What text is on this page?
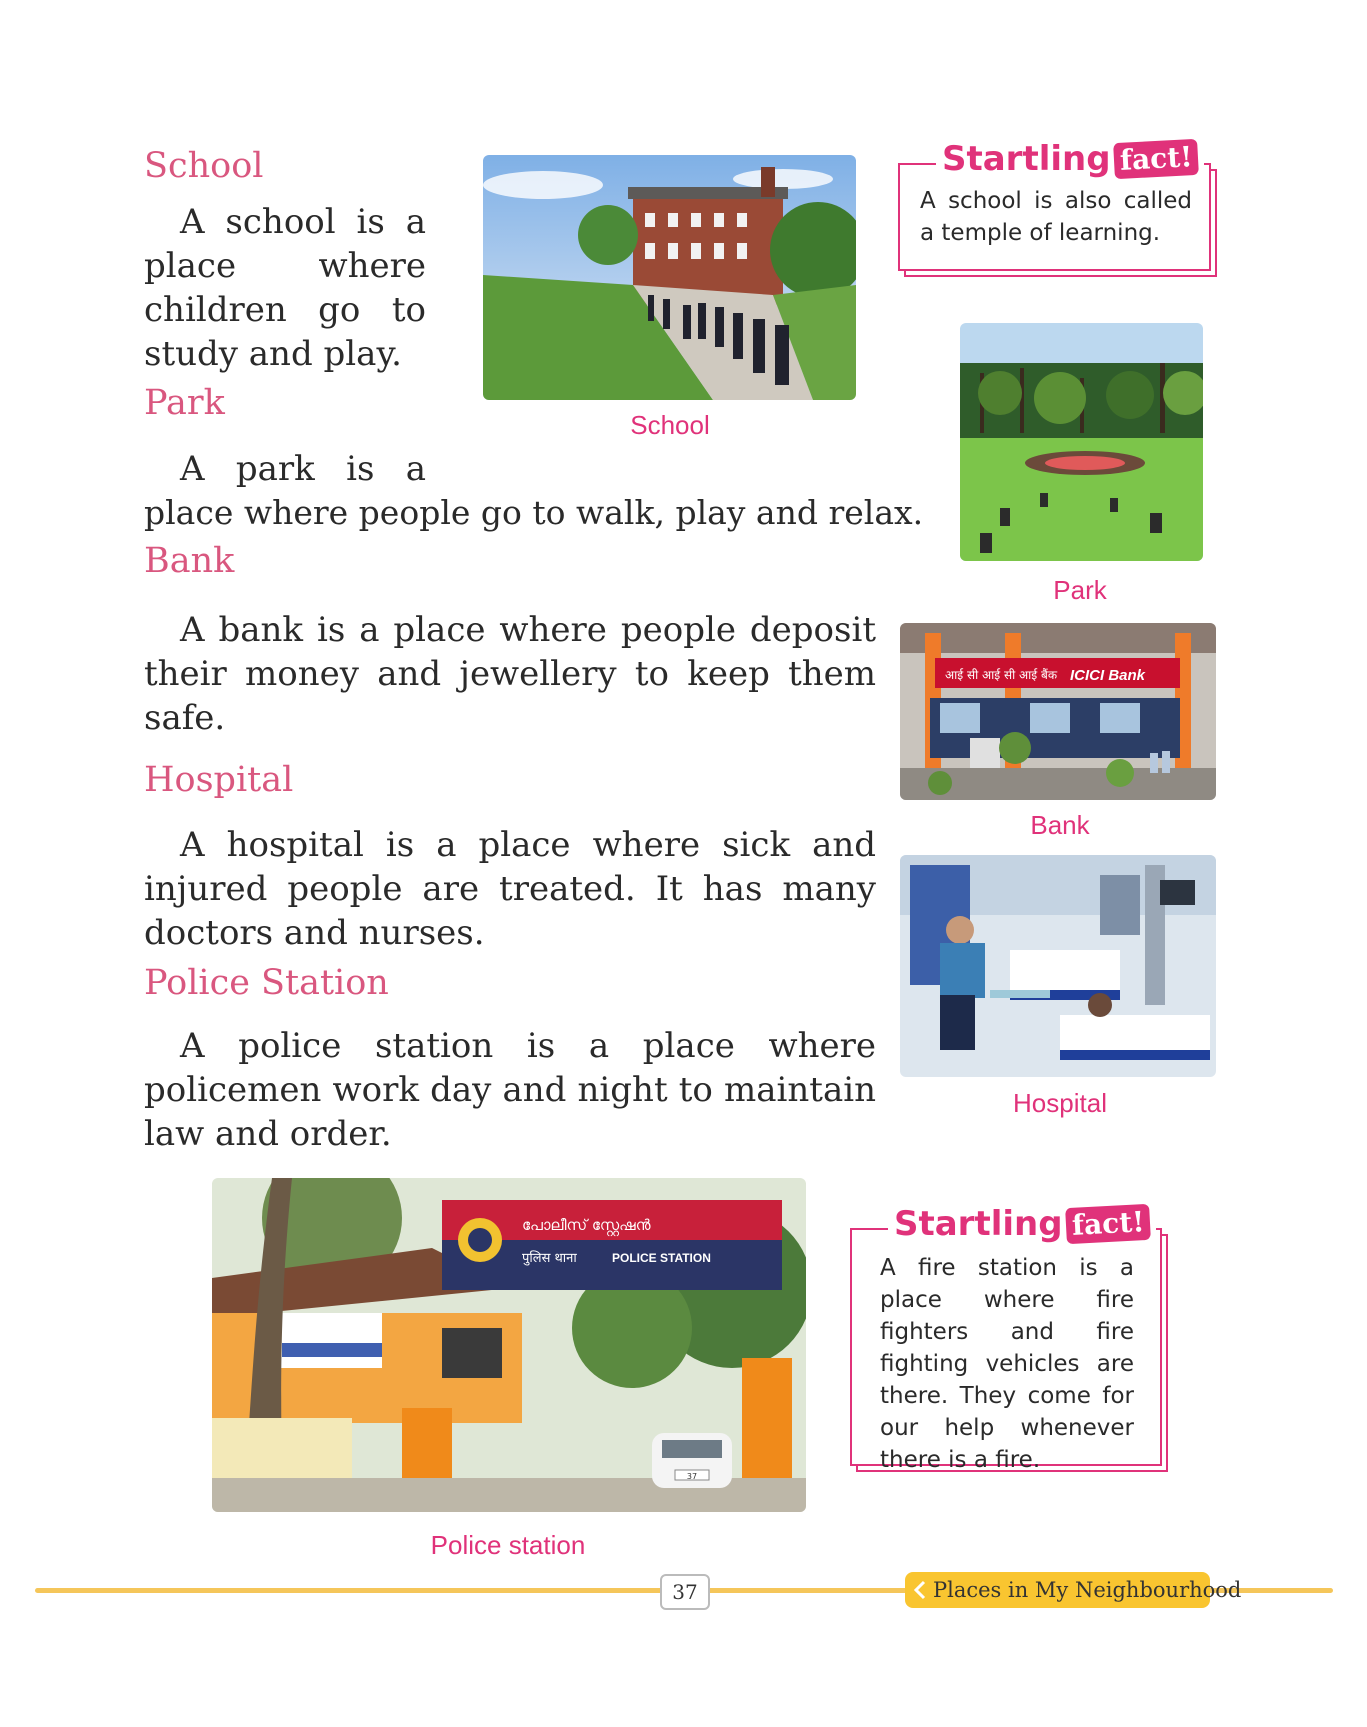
School
A school is a
place where
children go to
study and play.
School
Startling fact!
A school is also called a temple of learning.
Park
A park is a
place where people go to walk, play and relax.
Park
Bank

A bank is a place where people deposit their money and jewellery to keep them safe.

आई सी आई सी आई बैंक ICICI Bank
Bank
Hospital

A hospital is a place where sick and injured people are treated. It has many doctors and nurses.

Hospital
Police Station

A police station is a place where policemen work day and night to maintain law and order.

പോലീസ് സ്റ്റേഷൻ
पुलिस थाना	POLICE STATION
37
Police station
Startling fact!
A fire station is a place where fire fighters and fire fighting vehicles are there. They come for our help whenever there is a fire.
37	Places in My Neighbourhood
